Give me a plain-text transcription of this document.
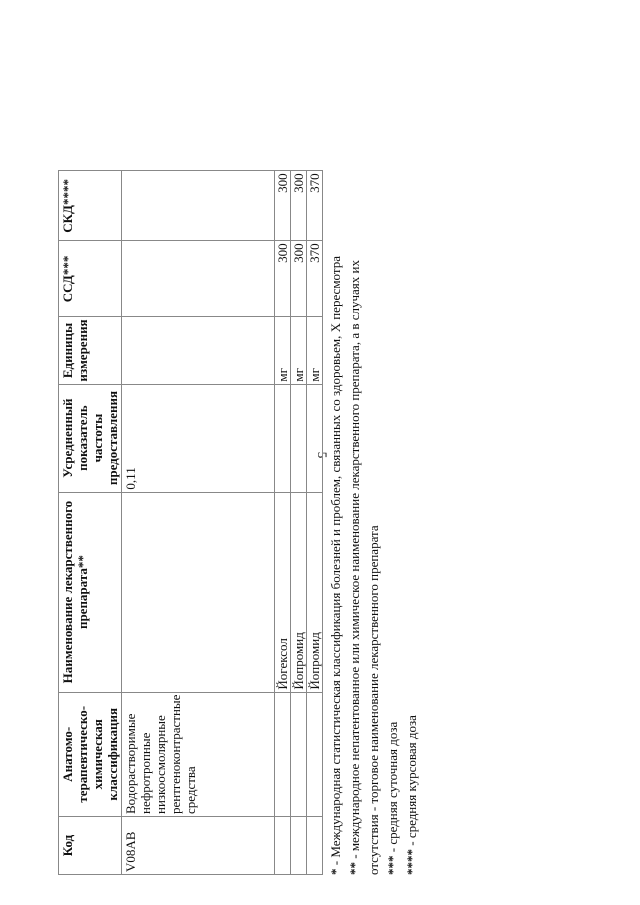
5
Код	Анатомо-терапевтическо-химическая классификация	Наименование лекарственного препарата**	Усредненный показатель частоты предоставления	Единицы измерения	ССД***	СКД****
V08AB	Водорастворимые нефротропные низкоосмолярные рентгеноконтрастные средства		0,11			
		Йогексол		мг	300	300
		Йопромид		мг	300	300
		Йопромид		мг	370	370
* - Международная статистическая классификация болезней и проблем, связанных со здоровьем, X пересмотра ** - международное непатентованное или химическое наименование лекарственного препарата, а в случаях их отсутствия - торговое наименование лекарственного препарата *** - средняя суточная доза
**** - средняя курсовая доза
